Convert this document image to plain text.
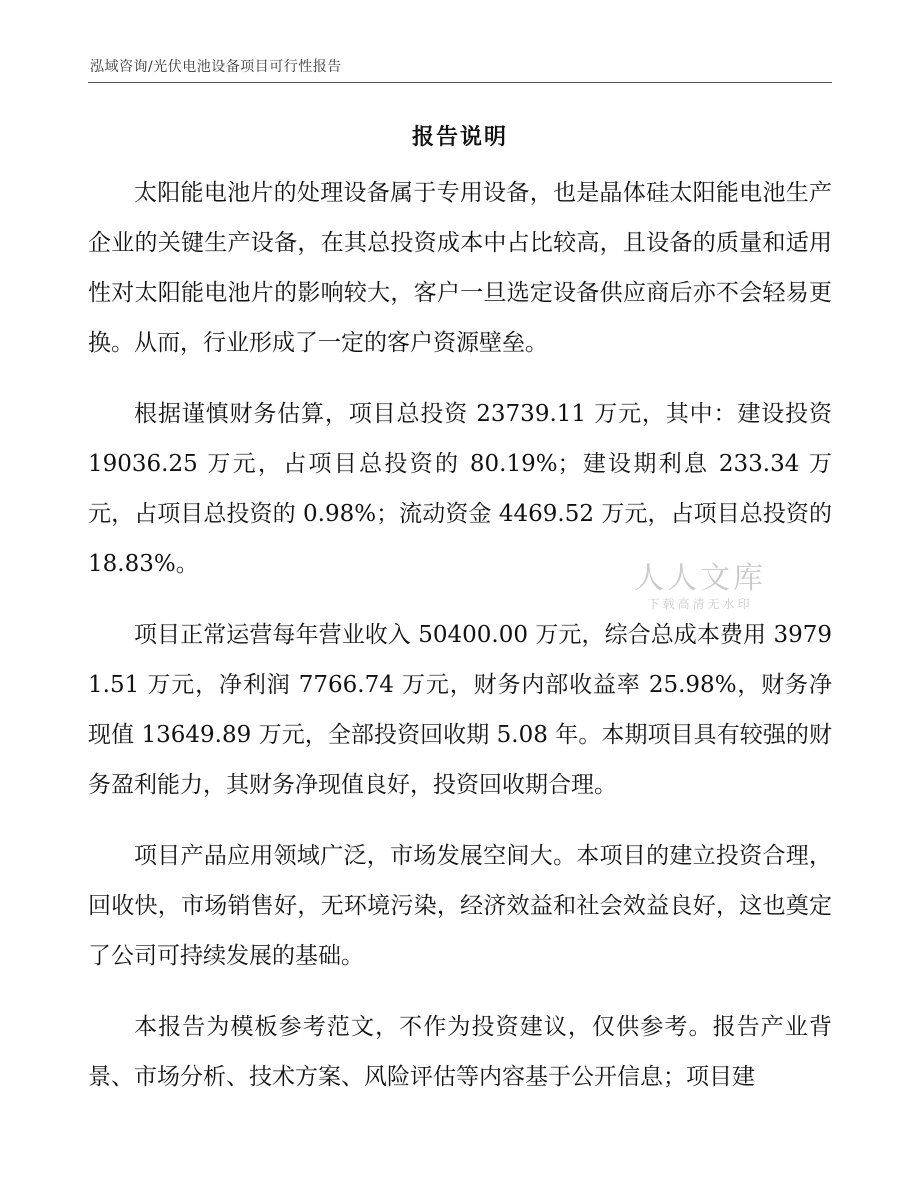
泓域咨询/光伏电池设备项目可行性报告
报告说明

太阳能电池片的处理设备属于专用设备，也是晶体硅太阳能电池生产企业的关键生产设备，在其总投资成本中占比较高，且设备的质量和适用性对太阳能电池片的影响较大，客户一旦选定设备供应商后亦不会轻易更换。从而，行业形成了一定的客户资源壁垒。

根据谨慎财务估算，项目总投资 23739.11 万元，其中：建设投资 19036.25 万元，占项目总投资的 80.19%；建设期利息 233.34 万元，占项目总投资的 0.98%；流动资金 4469.52 万元，占项目总投资的 18.83%。

项目正常运营每年营业收入 50400.00 万元，综合总成本费用 39791.51 万元，净利润 7766.74 万元，财务内部收益率 25.98%，财务净现值 13649.89 万元，全部投资回收期 5.08 年。本期项目具有较强的财务盈利能力，其财务净现值良好，投资回收期合理。

项目产品应用领域广泛，市场发展空间大。本项目的建立投资合理，回收快，市场销售好，无环境污染，经济效益和社会效益良好，这也奠定了公司可持续发展的基础。

本报告为模板参考范文，不作为投资建议，仅供参考。报告产业背景、市场分析、技术方案、风险评估等内容基于公开信息；项目建

人人文库
下载高清无水印
